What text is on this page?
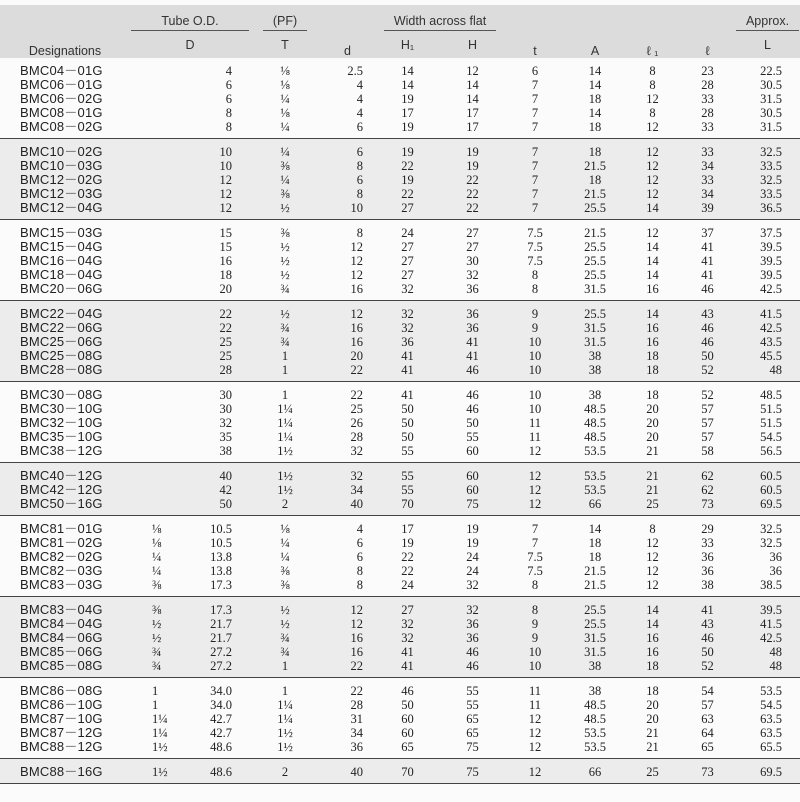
Designations	Tube O.D.	(PF)	d	Width across flat		t	A	ℓ ₁	ℓ	Approx.
	D	T		H₁	H					L
BMC04－01G	4	⅛	2.5	14	12	6	14	8	23	22.5
BMC06－01G	6	⅛	4	14	14	7	14	8	28	30.5
BMC06－02G	6	¼	4	19	14	7	18	12	33	31.5
BMC08－01G	8	⅛	4	17	17	7	14	8	28	30.5
BMC08－02G	8	¼	6	19	17	7	18	12	33	31.5
BMC10－02G	10	¼	6	19	19	7	18	12	33	32.5
BMC10－03G	10	⅜	8	22	19	7	21.5	12	34	33.5
BMC12－02G	12	¼	6	19	22	7	18	12	33	32.5
BMC12－03G	12	⅜	8	22	22	7	21.5	12	34	33.5
BMC12－04G	12	½	10	27	22	7	25.5	14	39	36.5
BMC15－03G	15	⅜	8	24	27	7.5	21.5	12	37	37.5
BMC15－04G	15	½	12	27	27	7.5	25.5	14	41	39.5
BMC16－04G	16	½	12	27	30	7.5	25.5	14	41	39.5
BMC18－04G	18	½	12	27	32	8	25.5	14	41	39.5
BMC20－06G	20	¾	16	32	36	8	31.5	16	46	42.5
BMC22－04G	22	½	12	32	36	9	25.5	14	43	41.5
BMC22－06G	22	¾	16	32	36	9	31.5	16	46	42.5
BMC25－06G	25	¾	16	36	41	10	31.5	16	46	43.5
BMC25－08G	25	1	20	41	41	10	38	18	50	45.5
BMC28－08G	28	1	22	41	46	10	38	18	52	48
BMC30－08G	30	1	22	41	46	10	38	18	52	48.5
BMC30－10G	30	1¼	25	50	46	10	48.5	20	57	51.5
BMC32－10G	32	1¼	26	50	50	11	48.5	20	57	51.5
BMC35－10G	35	1¼	28	50	55	11	48.5	20	57	54.5
BMC38－12G	38	1½	32	55	60	12	53.5	21	58	56.5
BMC40－12G	40	1½	32	55	60	12	53.5	21	62	60.5
BMC42－12G	42	1½	34	55	60	12	53.5	21	62	60.5
BMC50－16G	50	2	40	70	75	12	66	25	73	69.5
BMC81－01G	⅛ 10.5	⅛	4	17	19	7	14	8	29	32.5
BMC81－02G	⅛ 10.5	¼	6	19	19	7	18	12	33	32.5
BMC82－02G	¼ 13.8	¼	6	22	24	7.5	18	12	36	36
BMC82－03G	¼ 13.8	⅜	8	22	24	7.5	21.5	12	36	36
BMC83－03G	⅜ 17.3	⅜	8	24	32	8	21.5	12	38	38.5
BMC83－04G	⅜ 17.3	½	12	27	32	8	25.5	14	41	39.5
BMC84－04G	½ 21.7	½	12	32	36	9	25.5	14	43	41.5
BMC84－06G	½ 21.7	¾	16	32	36	9	31.5	16	46	42.5
BMC85－06G	¾ 27.2	¾	16	41	46	10	31.5	16	50	48
BMC85－08G	¾ 27.2	1	22	41	46	10	38	18	52	48
BMC86－08G	1 34.0	1	22	46	55	11	38	18	54	53.5
BMC86－10G	1 34.0	1¼	28	50	55	11	48.5	20	57	54.5
BMC87－10G	1¼ 42.7	1¼	31	60	65	12	48.5	20	63	63.5
BMC87－12G	1¼ 42.7	1½	34	60	65	12	53.5	21	64	63.5
BMC88－12G	1½ 48.6	1½	36	65	75	12	53.5	21	65	65.5
BMC88－16G	1½ 48.6	2	40	70	75	12	66	25	73	69.5
